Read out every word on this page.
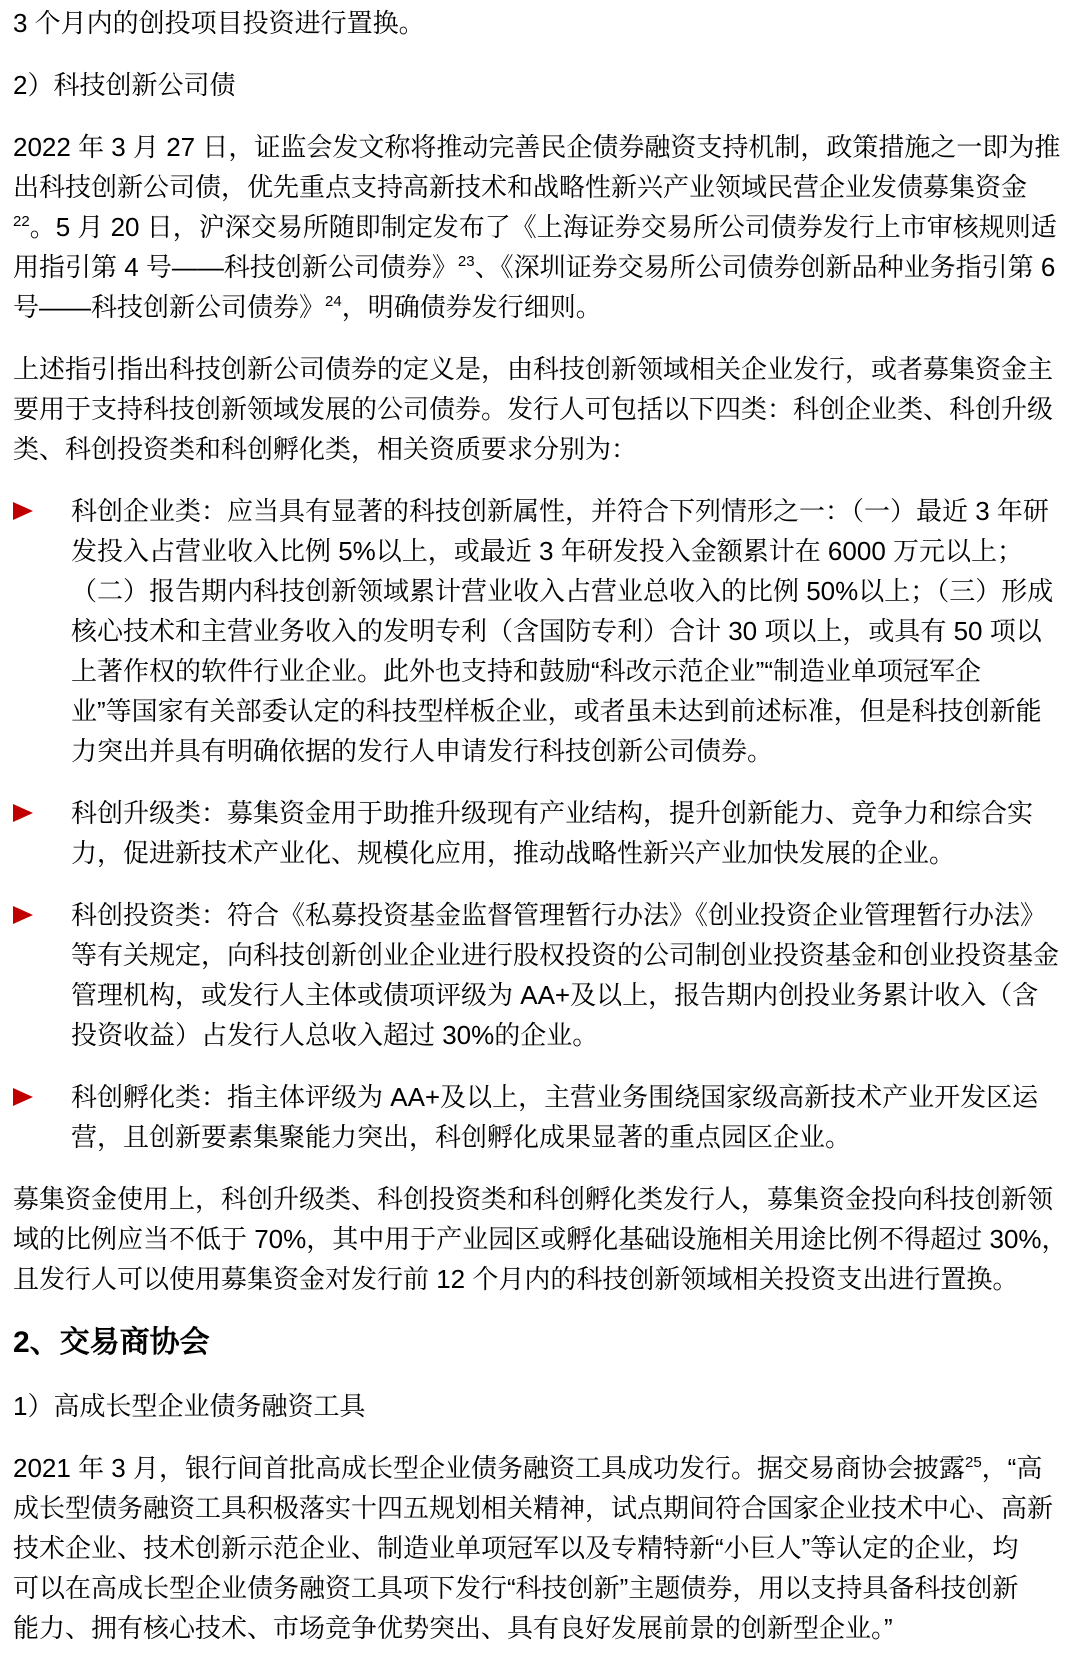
3 个月内的创投项目投资进行置换。
2）科技创新公司债
2022 年 3 月 27 日，证监会发文称将推动完善民企债券融资支持机制，政策措施之一即为推
出科技创新公司债，优先重点支持高新技术和战略性新兴产业领域民营企业发债募集资金
$^{22}$。5 月 20 日，沪深交易所随即制定发布了《上海证券交易所公司债券发行上市审核规则适
用指引第 4 号——科技创新公司债券》$^{23}$、《深圳证券交易所公司债券创新品种业务指引第 6
号——科技创新公司债券》$^{24}$，明确债券发行细则。
上述指引指出科技创新公司债券的定义是，由科技创新领域相关企业发行，或者募集资金主
要用于支持科技创新领域发展的公司债券。发行人可包括以下四类：科创企业类、科创升级
类、科创投资类和科创孵化类，相关资质要求分别为：
科创企业类：应当具有显著的科技创新属性，并符合下列情形之一：（一）最近 3 年研
发投入占营业收入比例 5%以上，或最近 3 年研发投入金额累计在 6000 万元以上；
（二）报告期内科技创新领域累计营业收入占营业总收入的比例 50%以上；（三）形成
核心技术和主营业务收入的发明专利（含国防专利）合计 30 项以上，或具有 50 项以
上著作权的软件行业企业。此外也支持和鼓励“科改示范企业”“制造业单项冠军企
业”等国家有关部委认定的科技型样板企业，或者虽未达到前述标准，但是科技创新能
力突出并具有明确依据的发行人申请发行科技创新公司债券。
科创升级类：募集资金用于助推升级现有产业结构，提升创新能力、竞争力和综合实
力，促进新技术产业化、规模化应用，推动战略性新兴产业加快发展的企业。
科创投资类：符合《私募投资基金监督管理暂行办法》《创业投资企业管理暂行办法》
等有关规定，向科技创新创业企业进行股权投资的公司制创业投资基金和创业投资基金
管理机构，或发行人主体或债项评级为 AA+及以上，报告期内创投业务累计收入（含
投资收益）占发行人总收入超过 30%的企业。
科创孵化类：指主体评级为 AA+及以上，主营业务围绕国家级高新技术产业开发区运
营，且创新要素集聚能力突出，科创孵化成果显著的重点园区企业。
募集资金使用上，科创升级类、科创投资类和科创孵化类发行人，募集资金投向科技创新领
域的比例应当不低于 70%，其中用于产业园区或孵化基础设施相关用途比例不得超过 30%，
且发行人可以使用募集资金对发行前 12 个月内的科技创新领域相关投资支出进行置换。
2、交易商协会
1）高成长型企业债务融资工具
2021 年 3 月，银行间首批高成长型企业债务融资工具成功发行。据交易商协会披露$^{25}$，“高
成长型债务融资工具积极落实十四五规划相关精神，试点期间符合国家企业技术中心、高新
技术企业、技术创新示范企业、制造业单项冠军以及专精特新“小巨人”等认定的企业，均
可以在高成长型企业债务融资工具项下发行“科技创新”主题债券，用以支持具备科技创新
能力、拥有核心技术、市场竞争优势突出、具有良好发展前景的创新型企业。”
